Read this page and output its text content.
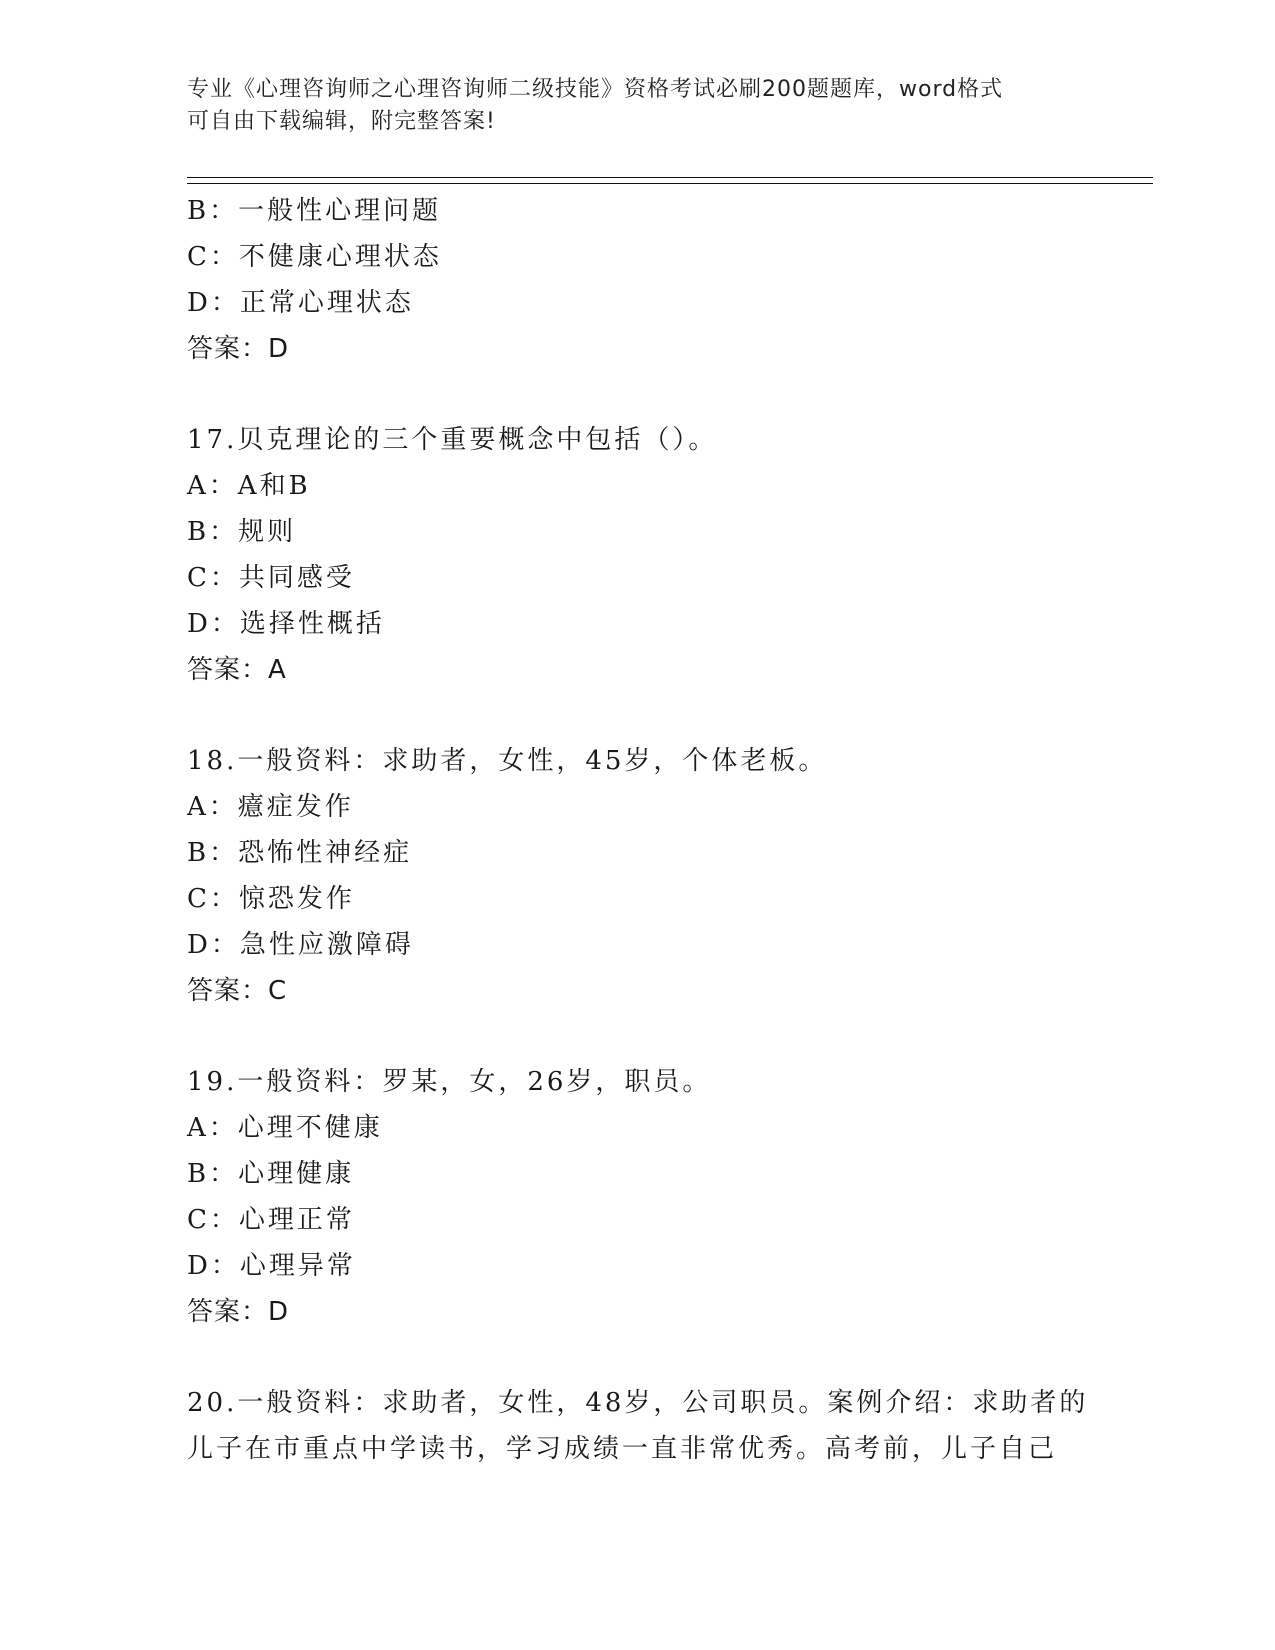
专业《心理咨询师之心理咨询师二级技能》资格考试必刷200题题库，word格式
可自由下载编辑，附完整答案!
B：一般性心理问题
C：不健康心理状态
D：正常心理状态
答案：D
17.贝克理论的三个重要概念中包括（）。
A：A和B
B：规则
C：共同感受
D：选择性概括
答案：A
18.一般资料：求助者，女性，45岁，个体老板。
A：癔症发作
B：恐怖性神经症
C：惊恐发作
D：急性应激障碍
答案：C
19.一般资料：罗某，女，26岁，职员。
A：心理不健康
B：心理健康
C：心理正常
D：心理异常
答案：D
20.一般资料：求助者，女性，48岁，公司职员。案例介绍：求助者的
儿子在市重点中学读书，学习成绩一直非常优秀。高考前，儿子自己
